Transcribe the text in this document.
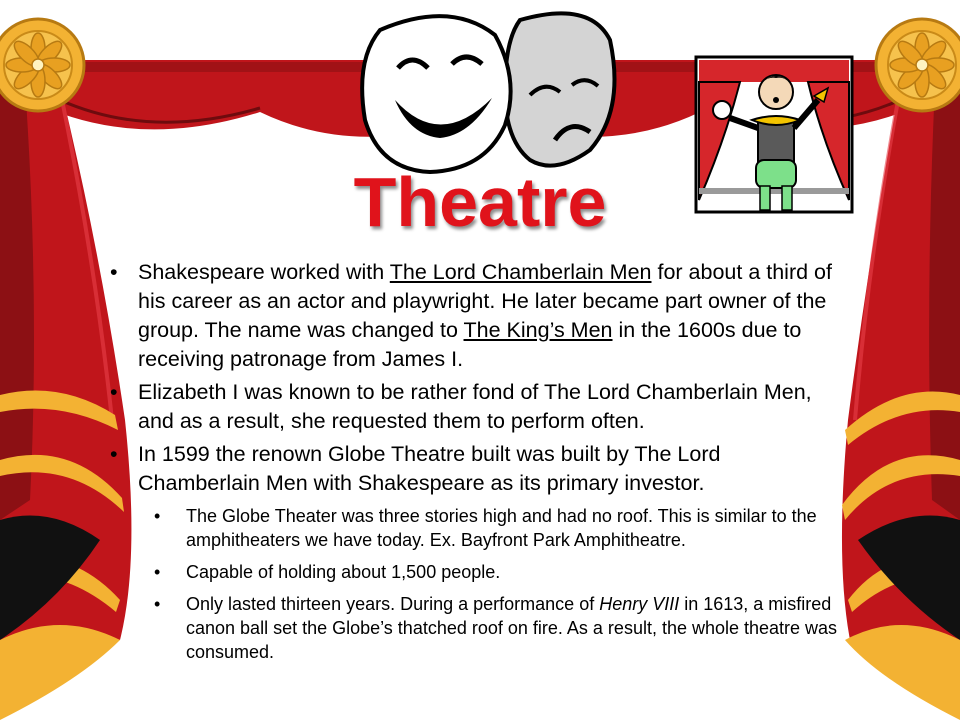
Theatre

• Shakespeare worked with The Lord Chamberlain Men for about a third of his career as an actor and playwright. He later became part owner of the group. The name was changed to The King’s Men in the 1600s due to receiving patronage from James I.

• Elizabeth I was known to be rather fond of The Lord Chamberlain Men, and as a result, she requested them to perform often.

• In 1599 the renown Globe Theatre built was built by The Lord Chamberlain Men with Shakespeare as its primary investor.

• The Globe Theater was three stories high and had no roof. This is similar to the amphitheaters we have today. Ex. Bayfront Park Amphitheatre.

• Capable of holding about 1,500 people.

• Only lasted thirteen years. During a performance of Henry VIII in 1613, a misfired canon ball set the Globe’s thatched roof on fire. As a result, the whole theatre was consumed.
